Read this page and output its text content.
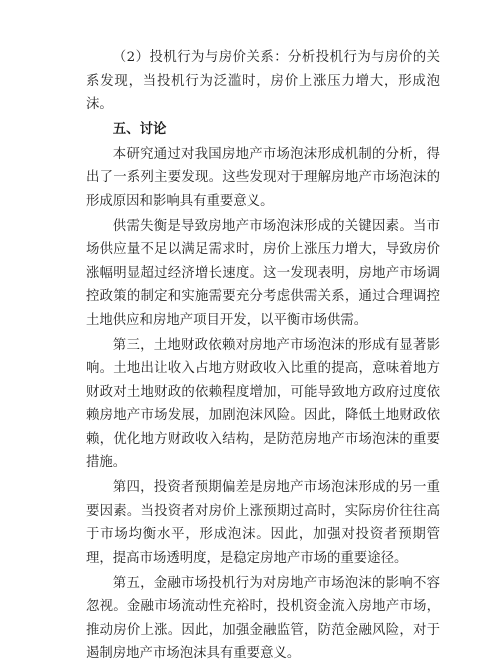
（2）投机行为与房价关系：分析投机行为与房价的关系发现，当投机行为泛滥时，房价上涨压力增大，形成泡沫。

五、讨论

本研究通过对我国房地产市场泡沫形成机制的分析，得出了一系列主要发现。这些发现对于理解房地产市场泡沫的形成原因和影响具有重要意义。

供需失衡是导致房地产市场泡沫形成的关键因素。当市场供应量不足以满足需求时，房价上涨压力增大，导致房价涨幅明显超过经济增长速度。这一发现表明，房地产市场调控政策的制定和实施需要充分考虑供需关系，通过合理调控土地供应和房地产项目开发，以平衡市场供需。

第三，土地财政依赖对房地产市场泡沫的形成有显著影响。土地出让收入占地方财政收入比重的提高，意味着地方财政对土地财政的依赖程度增加，可能导致地方政府过度依赖房地产市场发展，加剧泡沫风险。因此，降低土地财政依赖，优化地方财政收入结构，是防范房地产市场泡沫的重要措施。

第四，投资者预期偏差是房地产市场泡沫形成的另一重要因素。当投资者对房价上涨预期过高时，实际房价往往高于市场均衡水平，形成泡沫。因此，加强对投资者预期管理，提高市场透明度，是稳定房地产市场的重要途径。

第五，金融市场投机行为对房地产市场泡沫的影响不容忽视。金融市场流动性充裕时，投机资金流入房地产市场，推动房价上涨。因此，加强金融监管，防范金融风险，对于遏制房地产市场泡沫具有重要意义。
